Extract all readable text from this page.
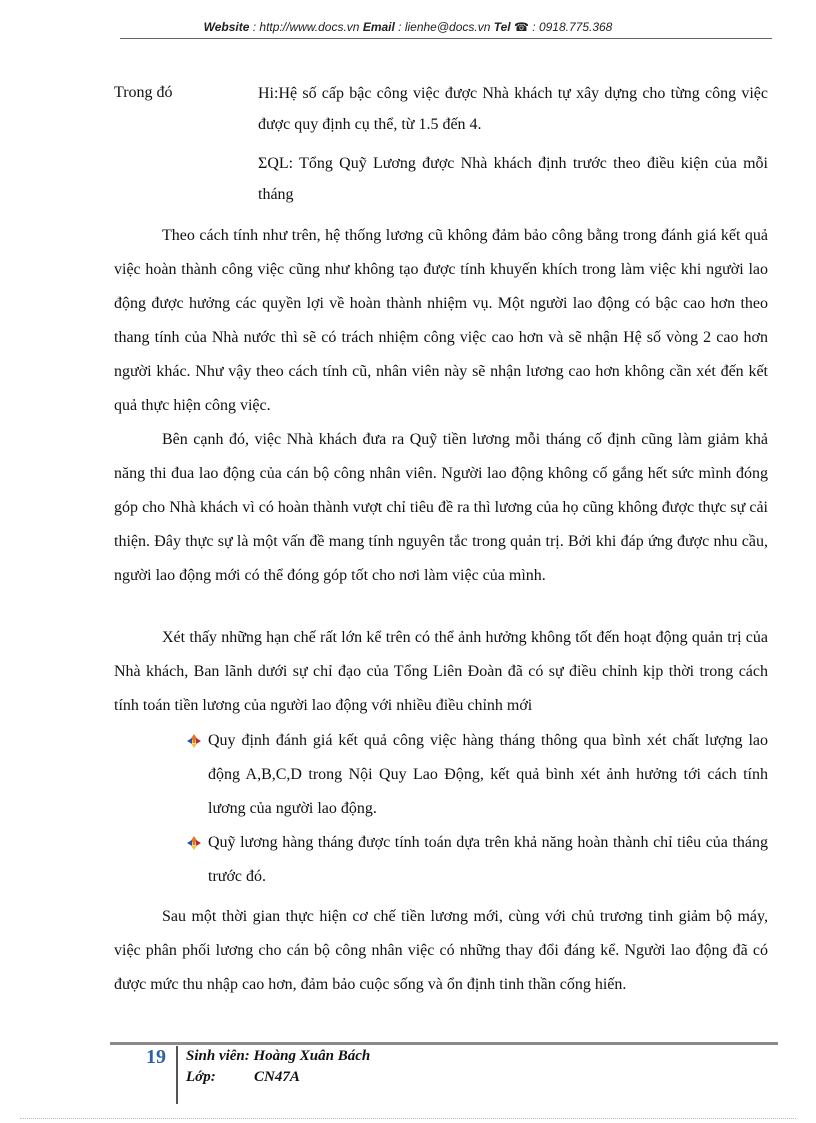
Website : http://www.docs.vn Email : lienhe@docs.vn Tel ☎ : 0918.775.368
Trong đó	Hi:Hệ số cấp bậc công việc được Nhà khách tự xây dựng cho từng công việc được quy định cụ thể, từ 1.5 đến 4.
ΣQL: Tổng Quỹ Lương được Nhà khách định trước theo điều kiện của mỗi tháng

Theo cách tính như trên, hệ thống lương cũ không đảm bảo công bằng trong đánh giá kết quả việc hoàn thành công việc cũng như không tạo được tính khuyến khích trong làm việc khi người lao động được hưởng các quyền lợi về hoàn thành nhiệm vụ. Một người lao động có bậc cao hơn theo thang tính của Nhà nước thì sẽ có trách nhiệm công việc cao hơn và sẽ nhận Hệ số vòng 2 cao hơn người khác. Như vậy theo cách tính cũ, nhân viên này sẽ nhận lương cao hơn không cần xét đến kết quả thực hiện công việc.

Bên cạnh đó, việc Nhà khách đưa ra Quỹ tiền lương mỗi tháng cố định cũng làm giảm khả năng thi đua lao động của cán bộ công nhân viên. Người lao động không cố gắng hết sức mình đóng góp cho Nhà khách vì có hoàn thành vượt chỉ tiêu đề ra thì lương của họ cũng không được thực sự cải thiện. Đây thực sự là một vấn đề mang tính nguyên tắc trong quản trị. Bởi khi đáp ứng được nhu cầu, người lao động mới có thể đóng góp tốt cho nơi làm việc của mình.

Xét thấy những hạn chế rất lớn kể trên có thể ảnh hưởng không tốt đến hoạt động quản trị của Nhà khách, Ban lãnh dưới sự chỉ đạo của Tổng Liên Đoàn đã có sự điều chỉnh kịp thời trong cách tính toán tiền lương của người lao động với nhiều điều chỉnh mới

Quy định đánh giá kết quả công việc hàng tháng thông qua bình xét chất lượng lao động A,B,C,D trong Nội Quy Lao Động, kết quả bình xét ảnh hưởng tới cách tính lương của người lao động.
Quỹ lương hàng tháng được tính toán dựa trên khả năng hoàn thành chỉ tiêu của tháng trước đó.

Sau một thời gian thực hiện cơ chế tiền lương mới, cùng với chủ trương tinh giảm bộ máy, việc phân phối lương cho cán bộ công nhân việc có những thay đổi đáng kể. Người lao động đã có được mức thu nhập cao hơn, đảm bảo cuộc sống và ổn định tinh thần cống hiến.

19 Sinh viên: Hoàng Xuân Bách
Lớp:	CN47A
